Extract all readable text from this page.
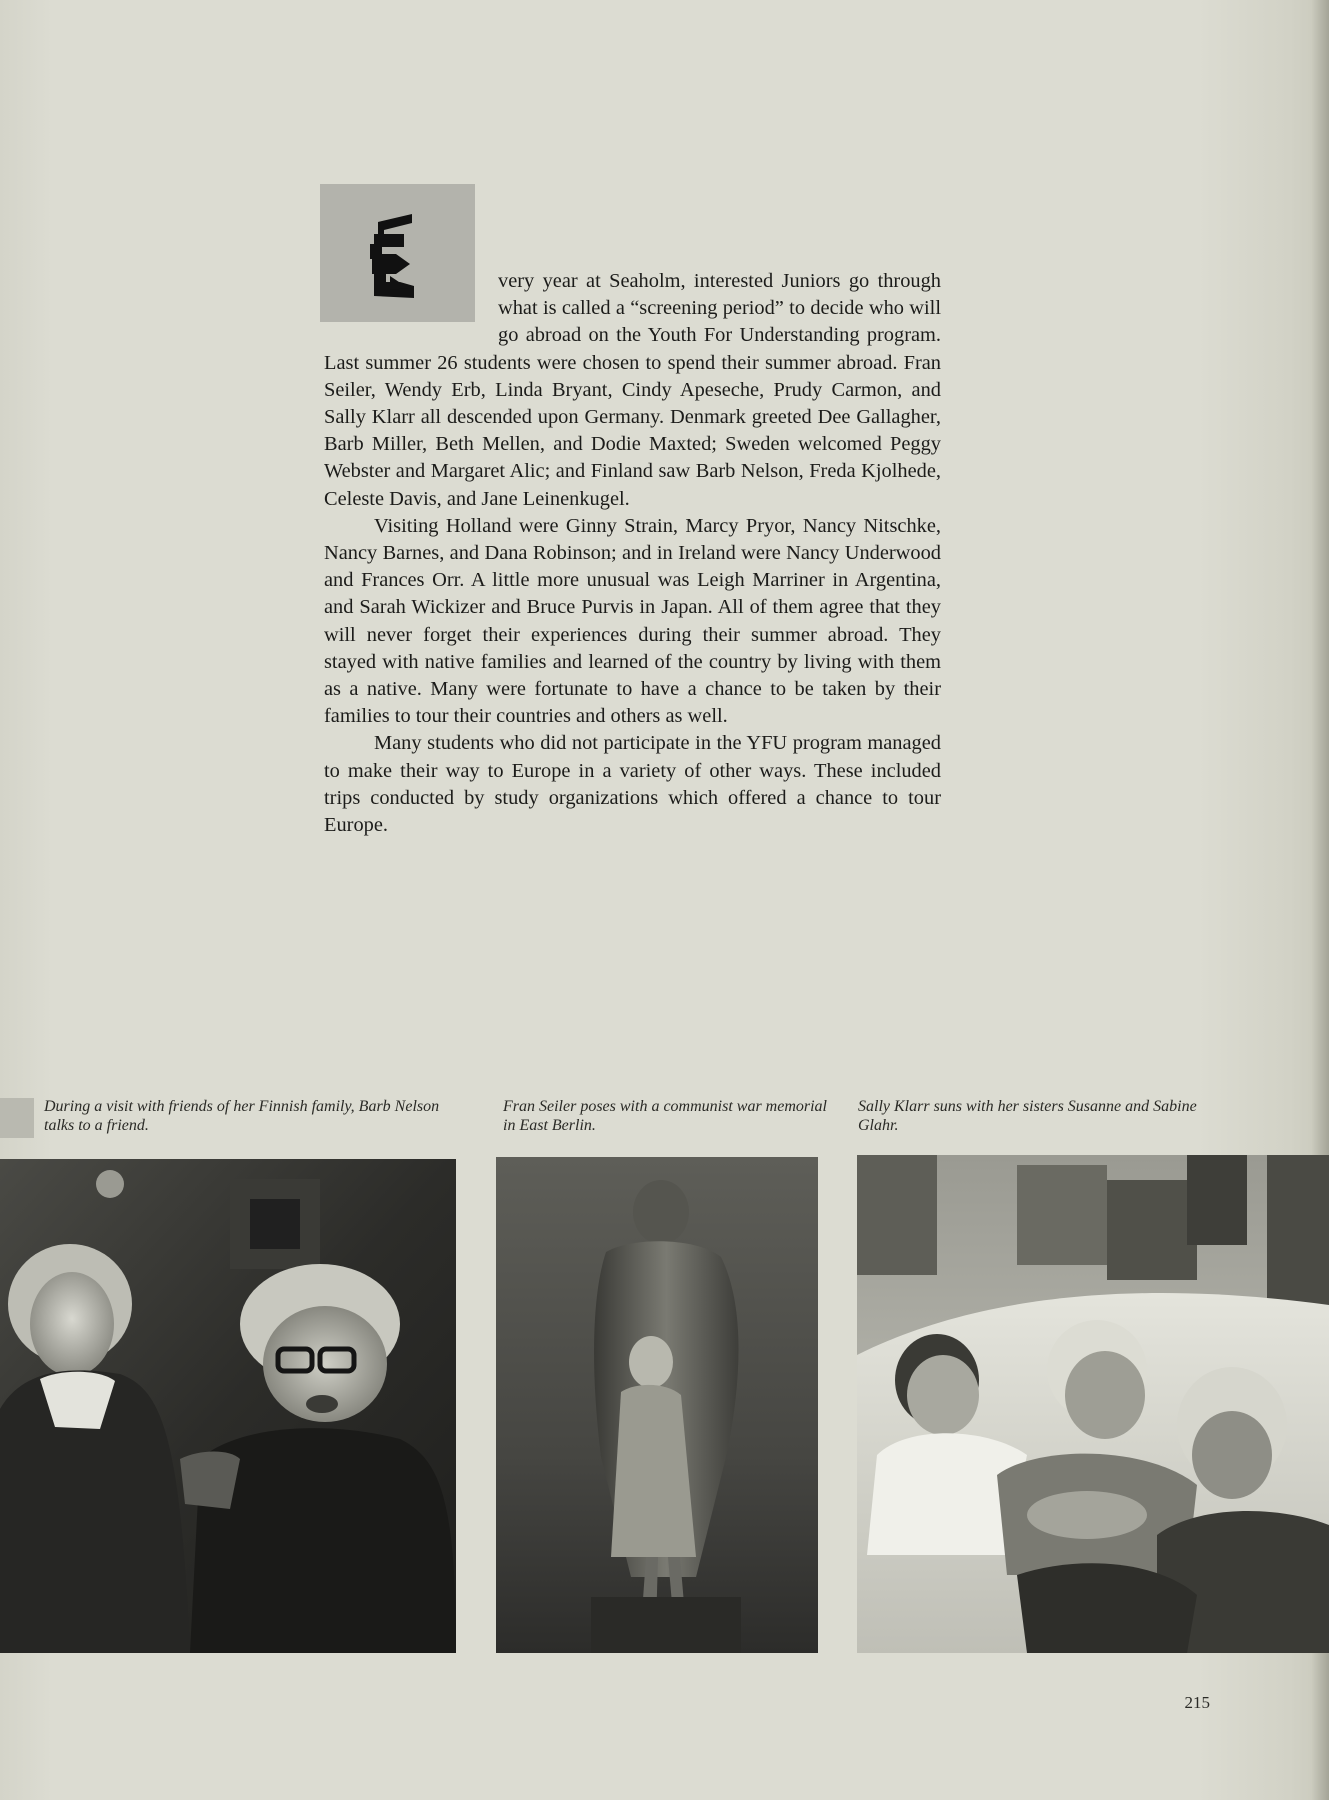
very year at Seaholm, interested Juniors go through what is called a “screening period” to decide who will go abroad on the Youth For Understanding program. Last summer 26 students were chosen to spend their summer abroad. Fran Seiler, Wendy Erb, Linda Bryant, Cindy Apeseche, Prudy Carmon, and Sally Klarr all descended upon Germany. Denmark greeted Dee Gallagher, Barb Miller, Beth Mellen, and Dodie Maxted; Sweden welcomed Peggy Webster and Margaret Alic; and Finland saw Barb Nelson, Freda Kjolhede, Celeste Davis, and Jane Leinenkugel.

Visiting Holland were Ginny Strain, Marcy Pryor, Nancy Nitschke, Nancy Barnes, and Dana Robinson; and in Ireland were Nancy Underwood and Frances Orr. A little more unusual was Leigh Marriner in Argentina, and Sarah Wickizer and Bruce Purvis in Japan. All of them agree that they will never forget their experiences during their summer abroad. They stayed with native families and learned of the country by living with them as a native. Many were fortunate to have a chance to be taken by their families to tour their countries and others as well.

Many students who did not participate in the YFU program managed to make their way to Europe in a variety of other ways. These included trips conducted by study organizations which offered a chance to tour Europe.

During a visit with friends of her Finnish family, Barb Nelson talks to a friend.
Fran Seiler poses with a communist war memorial in East Berlin.
Sally Klarr suns with her sisters Susanne and Sabine Glahr.
215
